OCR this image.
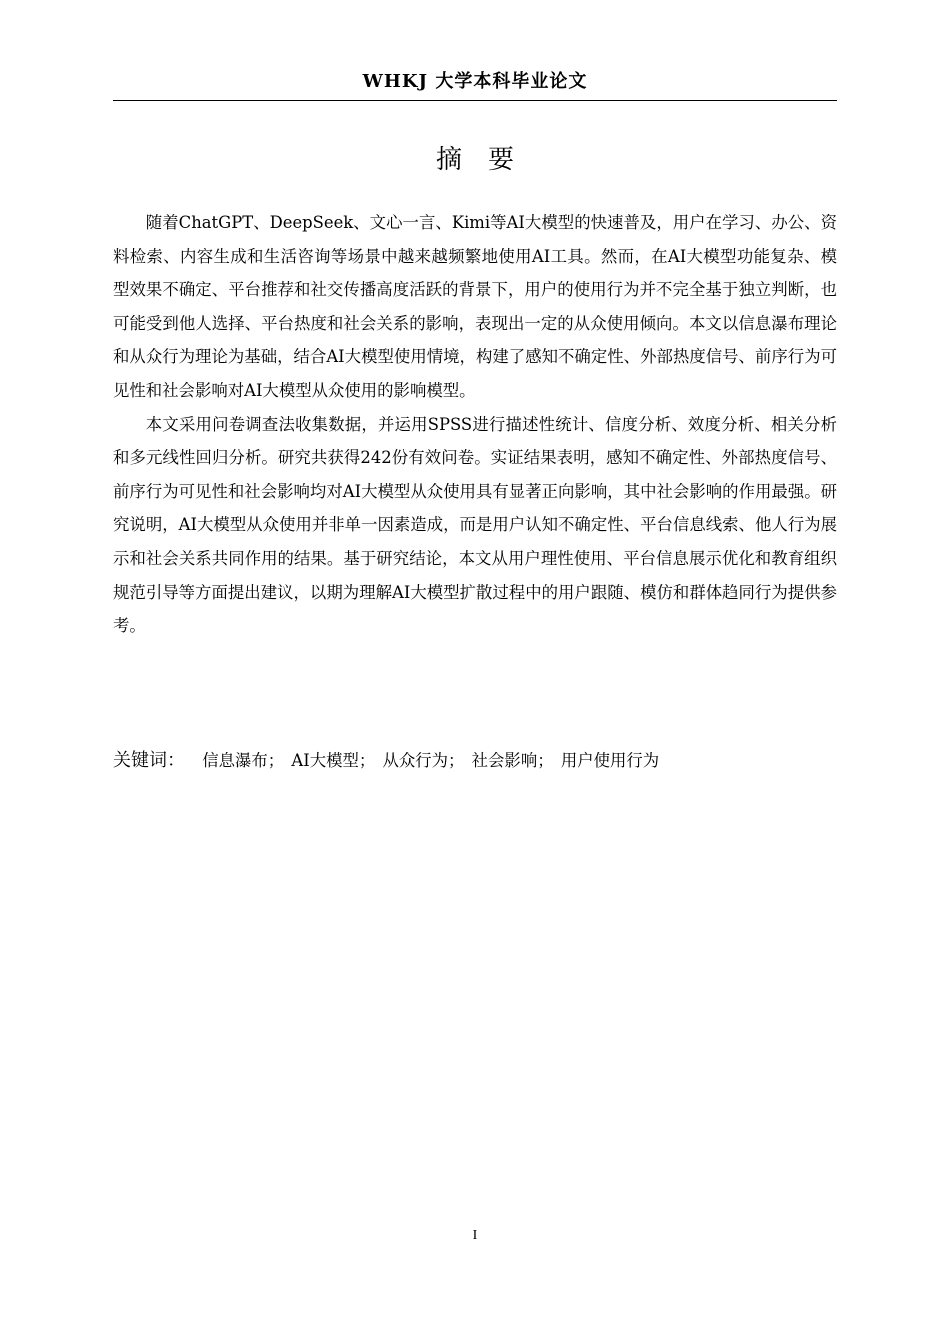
WHKJ 大学本科毕业论文
摘要

随着ChatGPT、DeepSeek、文心一言、Kimi等AI大模型的快速普及，用户在学习、办公、资料检索、内容生成和生活咨询等场景中越来越频繁地使用AI工具。然而，在AI大模型功能复杂、模型效果不确定、平台推荐和社交传播高度活跃的背景下，用户的使用行为并不完全基于独立判断，也可能受到他人选择、平台热度和社会关系的影响，表现出一定的从众使用倾向。本文以信息瀑布理论和从众行为理论为基础，结合AI大模型使用情境，构建了感知不确定性、外部热度信号、前序行为可见性和社会影响对AI大模型从众使用的影响模型。

本文采用问卷调查法收集数据，并运用SPSS进行描述性统计、信度分析、效度分析、相关分析和多元线性回归分析。研究共获得242份有效问卷。实证结果表明，感知不确定性、外部热度信号、前序行为可见性和社会影响均对AI大模型从众使用具有显著正向影响，其中社会影响的作用最强。研究说明，AI大模型从众使用并非单一因素造成，而是用户认知不确定性、平台信息线索、他人行为展示和社会关系共同作用的结果。基于研究结论，本文从用户理性使用、平台信息展示优化和教育组织规范引导等方面提出建议，以期为理解AI大模型扩散过程中的用户跟随、模仿和群体趋同行为提供参考。

关键词： 信息瀑布； AI大模型； 从众行为； 社会影响； 用户使用行为
I
